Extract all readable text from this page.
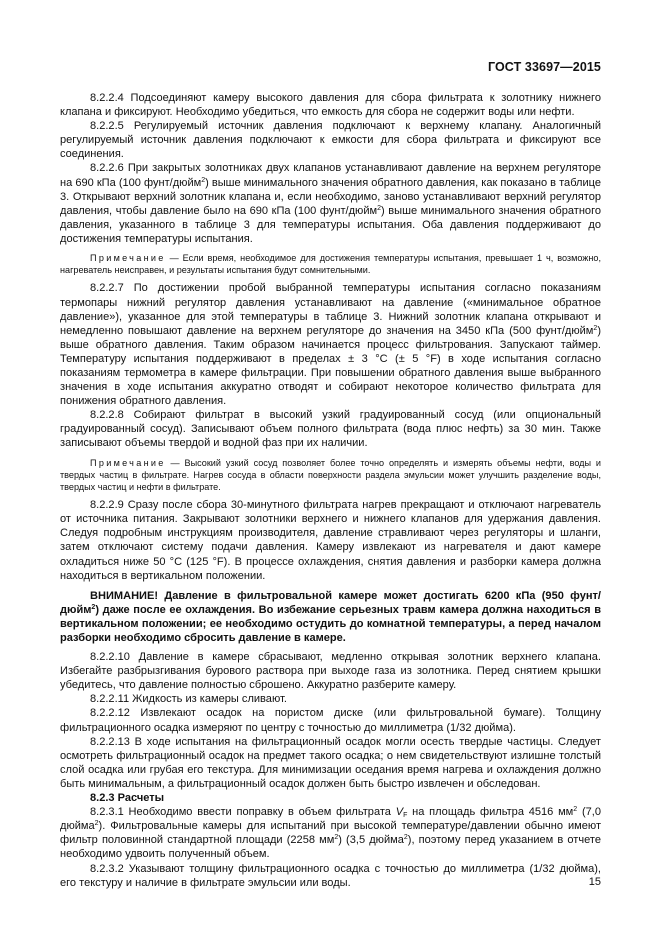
ГОСТ 33697—2015

8.2.2.4 Подсоединяют камеру высокого давления для сбора фильтрата к золотнику нижнего клапана и фиксируют. Необходимо убедиться, что емкость для сбора не содержит воды или нефти.

8.2.2.5 Регулируемый источник давления подключают к верхнему клапану. Аналогичный регулируемый источник давления подключают к емкости для сбора фильтрата и фиксируют все соединения.

8.2.2.6 При закрытых золотниках двух клапанов устанавливают давление на верхнем регуляторе на 690 кПа (100 фунт/дюйм$^2$) выше минимального значения обратного давления, как показано в таблице 3. Открывают верхний золотник клапана и, если необходимо, заново устанавливают верхний регулятор давления, чтобы давление было на 690 кПа (100 фунт/дюйм$^2$) выше минимального значения обратного давления, указанного в таблице 3 для температуры испытания. Оба давления поддерживают до достижения температуры испытания.

Примечание — Если время, необходимое для достижения температуры испытания, превышает 1 ч, возможно, нагреватель неисправен, и результаты испытания будут сомнительными.

8.2.2.7 По достижении пробой выбранной температуры испытания согласно показаниям термопары нижний регулятор давления устанавливают на давление («минимальное обратное давление»), указанное для этой температуры в таблице 3. Нижний золотник клапана открывают и немедленно повышают давление на верхнем регуляторе до значения на 3450 кПа (500 фунт/дюйм$^2$) выше обратного давления. Таким образом начинается процесс фильтрования. Запускают таймер. Температуру испытания поддерживают в пределах ± 3 °С (± 5 °F) в ходе испытания согласно показаниям термометра в камере фильтрации. При повышении обратного давления выше выбранного значения в ходе испытания аккуратно отводят и собирают некоторое количество фильтрата для понижения обратного давления.

8.2.2.8 Собирают фильтрат в высокий узкий градуированный сосуд (или опциональный градуированный сосуд). Записывают объем полного фильтрата (вода плюс нефть) за 30 мин. Также записывают объемы твердой и водной фаз при их наличии.

Примечание — Высокий узкий сосуд позволяет более точно определять и измерять объемы нефти, воды и твердых частиц в фильтрате. Нагрев сосуда в области поверхности раздела эмульсии может улучшить разделение воды, твердых частиц и нефти в фильтрате.

8.2.2.9 Сразу после сбора 30-минутного фильтрата нагрев прекращают и отключают нагреватель от источника питания. Закрывают золотники верхнего и нижнего клапанов для удержания давления. Следуя подробным инструкциям производителя, давление стравливают через регуляторы и шланги, затем отключают систему подачи давления. Камеру извлекают из нагревателя и дают камере охладиться ниже 50 °С (125 °F). В процессе охлаждения, снятия давления и разборки камера должна находиться в вертикальном положении.

ВНИМАНИЕ! Давление в фильтровальной камере может достигать 6200 кПа (950 фунт/дюйм$^2$) даже после ее охлаждения. Во избежание серьезных травм камера должна находиться в вертикальном положении; ее необходимо остудить до комнатной температуры, а перед началом разборки необходимо сбросить давление в камере.

8.2.2.10 Давление в камере сбрасывают, медленно открывая золотник верхнего клапана. Избегайте разбрызгивания бурового раствора при выходе газа из золотника. Перед снятием крышки убедитесь, что давление полностью сброшено. Аккуратно разберите камеру.

8.2.2.11 Жидкость из камеры сливают.

8.2.2.12 Извлекают осадок на пористом диске (или фильтровальной бумаге). Толщину фильтрационного осадка измеряют по центру с точностью до миллиметра (1/32 дюйма).

8.2.2.13 В ходе испытания на фильтрационный осадок могли осесть твердые частицы. Следует осмотреть фильтрационный осадок на предмет такого осадка; о нем свидетельствуют излишне толстый слой осадка или грубая его текстура. Для минимизации оседания время нагрева и охлаждения должно быть минимальным, а фильтрационный осадок должен быть быстро извлечен и обследован.

8.2.3 Расчеты

8.2.3.1 Необходимо ввести поправку в объем фильтрата $V_F$ на площадь фильтра 4516 $мм^2$ (7,0 дюйма$^2$). Фильтровальные камеры для испытаний при высокой температуре/давлении обычно имеют фильтр половинной стандартной площади (2258 $мм^2$) (3,5 дюйма$^2$), поэтому перед указанием в отчете необходимо удвоить полученный объем.

8.2.3.2 Указывают толщину фильтрационного осадка с точностью до миллиметра (1/32 дюйма), его текстуру и наличие в фильтрате эмульсии или воды.	15
